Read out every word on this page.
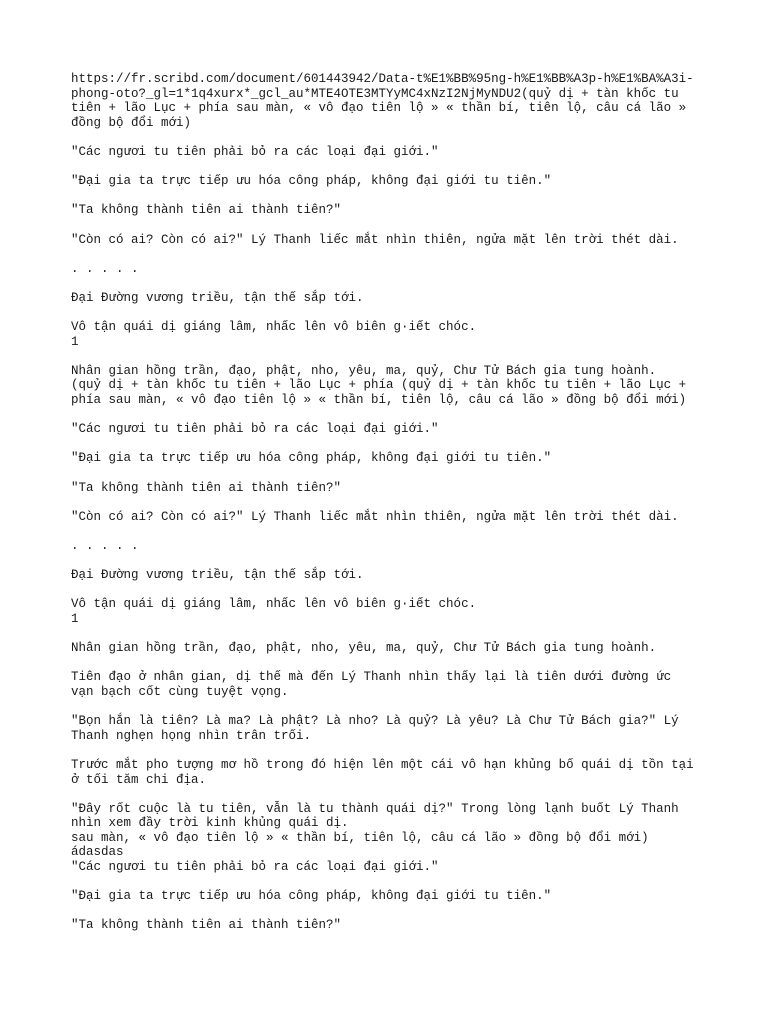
https://fr.scribd.com/document/601443942/Data-t%E1%BB%95ng-h%E1%BB%A3p-h%E1%BA%A3i-
phong-oto?_gl=1*1q4xurx*_gcl_au*MTE4OTE3MTYyMC4xNzI2NjMyNDU2(quỷ dị + tàn khốc tu
tiên + lão Lục + phía sau màn, « vô đạo tiên lộ » « thần bí, tiên lộ, câu cá lão »
đồng bộ đổi mới)

"Các ngươi tu tiên phải bỏ ra các loại đại giới."

"Đại gia ta trực tiếp ưu hóa công pháp, không đại giới tu tiên."

"Ta không thành tiên ai thành tiên?"

"Còn có ai? Còn có ai?" Lý Thanh liếc mắt nhìn thiên, ngửa mặt lên trời thét dài.

. . . . .

Đại Đường vương triều, tận thế sắp tới.

Vô tận quái dị giáng lâm, nhấc lên vô biên g·iết chóc.
1

Nhân gian hồng trần, đạo, phật, nho, yêu, ma, quỷ, Chư Tử Bách gia tung hoành.
(quỷ dị + tàn khốc tu tiên + lão Lục + phía (quỷ dị + tàn khốc tu tiên + lão Lục +
phía sau màn, « vô đạo tiên lộ » « thần bí, tiên lộ, câu cá lão » đồng bộ đổi mới)

"Các ngươi tu tiên phải bỏ ra các loại đại giới."

"Đại gia ta trực tiếp ưu hóa công pháp, không đại giới tu tiên."

"Ta không thành tiên ai thành tiên?"

"Còn có ai? Còn có ai?" Lý Thanh liếc mắt nhìn thiên, ngửa mặt lên trời thét dài.

. . . . .

Đại Đường vương triều, tận thế sắp tới.

Vô tận quái dị giáng lâm, nhấc lên vô biên g·iết chóc.
1

Nhân gian hồng trần, đạo, phật, nho, yêu, ma, quỷ, Chư Tử Bách gia tung hoành.

Tiên đạo ở nhân gian, dị thế mà đến Lý Thanh nhìn thấy lại là tiên dưới đường ức
vạn bạch cốt cùng tuyệt vọng.

"Bọn hắn là tiên? Là ma? Là phật? Là nho? Là quỷ? Là yêu? Là Chư Tử Bách gia?" Lý
Thanh nghẹn họng nhìn trân trối.

Trước mắt pho tượng mơ hồ trong đó hiện lên một cái vô hạn khủng bố quái dị tồn tại
ở tối tăm chi địa.

"Đây rốt cuộc là tu tiên, vẫn là tu thành quái dị?" Trong lòng lạnh buốt Lý Thanh
nhìn xem đầy trời kinh khủng quái dị.
sau màn, « vô đạo tiên lộ » « thần bí, tiên lộ, câu cá lão » đồng bộ đổi mới)
ádasdas
"Các ngươi tu tiên phải bỏ ra các loại đại giới."

"Đại gia ta trực tiếp ưu hóa công pháp, không đại giới tu tiên."

"Ta không thành tiên ai thành tiên?"
